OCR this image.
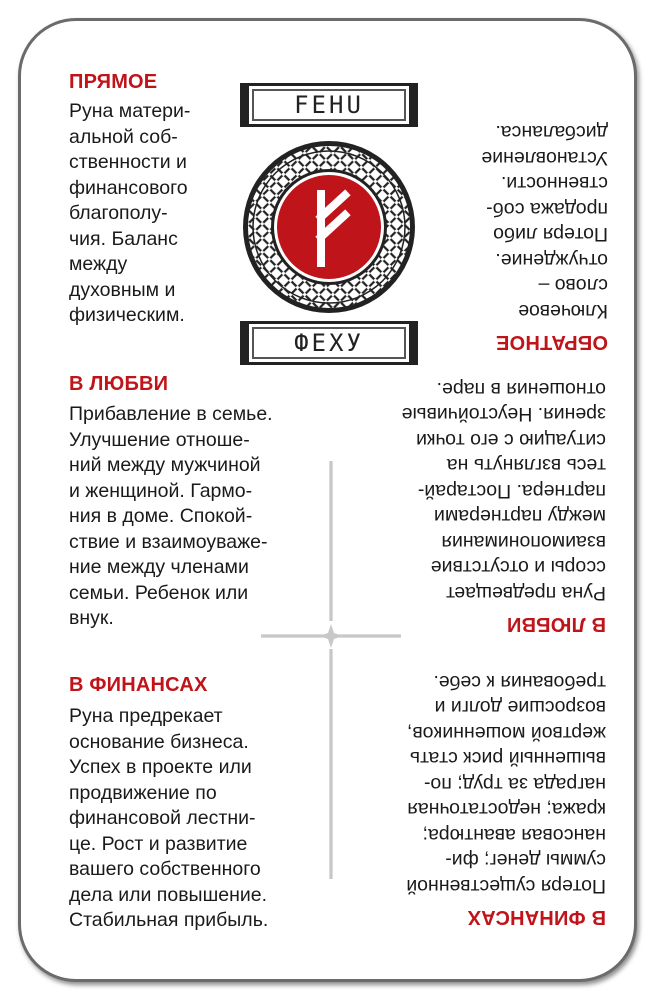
ПРЯМОЕ
Руна матери-
альной соб-
ственности и
финансового
благополу-
чия. Баланс
между
духовным и
физическим.
В ЛЮБВИ
Прибавление в семье.
Улучшение отноше-
ний между мужчиной
и женщиной. Гармо-
ния в доме. Спокой-
ствие и взаимоуваже-
ние между членами
семьи. Ребенок или
внук.
В ФИНАНСАХ
Руна предрекает
основание бизнеса.
Успех в проекте или
продвижение по
финансовой лестни-
це. Рост и развитие
вашего собственного
дела или повышение.
Стабильная прибыль.
FEHU
ФЕХУ	ОБРАТНОЕ
Ключевое
слово –
отчуждение.
Потеря либо
продажа соб-
ственности.
Установление
дисбаланса.
В ЛЮБВИ
Руна предвещает
ссоры и отсутствие
взаимопонимания
между партнерами
партнера. Постарай-
тесь взглянуть на
ситуацию с его точки
зрения. Неустойчивые
отношения в паре.
В ФИНАНСАХ
Потеря существенной
суммы денег; фи-
нансовая авантюра;
кража; недостаточная
награда за труд; по-
вышенный риск стать
жертвой мошенников,
возросшие долги и
требования к себе.
